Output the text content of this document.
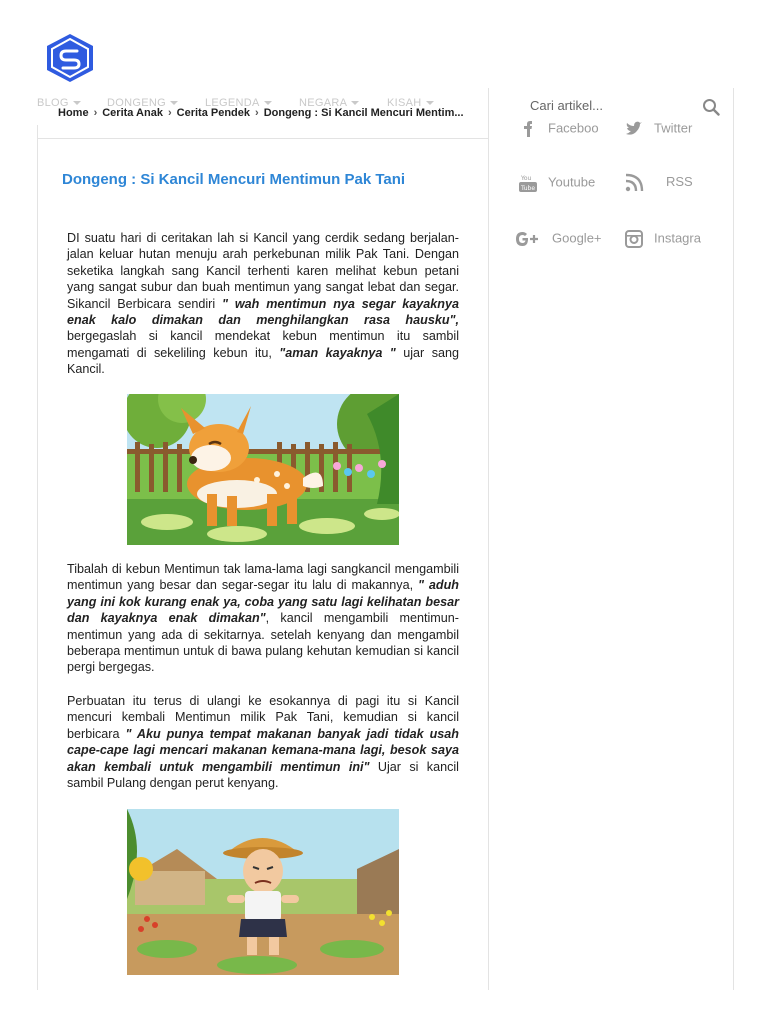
BLOG	DONGENG	LEGENDA	NEGARA	KISAH
Home › Cerita Anak › Cerita Pendek › Dongeng : Si Kancil Mencuri Mentim...
Dongeng : Si Kancil Mencuri Mentimun Pak Tani
DI suatu hari di ceritakan lah si Kancil yang cerdik sedang berjalan-jalan keluar hutan menuju arah perkebunan milik Pak Tani. Dengan seketika langkah sang Kancil terhenti karen melihat kebun petani yang sangat subur dan buah mentimun yang sangat lebat dan segar. Sikancil Berbicara sendiri " wah mentimun nya segar kayaknya enak kalo dimakan dan menghilangkan rasa hausku", bergegaslah si kancil mendekat kebun mentimun itu sambil mengamati di sekeliling kebun itu, "aman kayaknya " ujar sang Kancil.
Tibalah di kebun Mentimun tak lama-lama lagi sangkancil mengambili mentimun yang besar dan segar-segar itu lalu di makannya, " aduh yang ini kok kurang enak ya, coba yang satu lagi kelihatan besar dan kayaknya enak dimakan", kancil mengambili mentimun-mentimun yang ada di sekitarnya. setelah kenyang dan mengambil beberapa mentimun untuk di bawa pulang kehutan kemudian si kancil pergi bergegas.
Perbuatan itu terus di ulangi ke esokannya di pagi itu si Kancil mencuri kembali Mentimun milik Pak Tani, kemudian si kancil berbicara " Aku punya tempat makanan banyak jadi tidak usah cape-cape lagi mencari makanan kemana-mana lagi, besok saya akan kembali untuk mengambili mentimun ini" Ujar si kancil sambil Pulang dengan perut kenyang.
Cari artikel...
Faceboo	Twitter
You
Tube Youtube	RSS
Google+	Instagra
